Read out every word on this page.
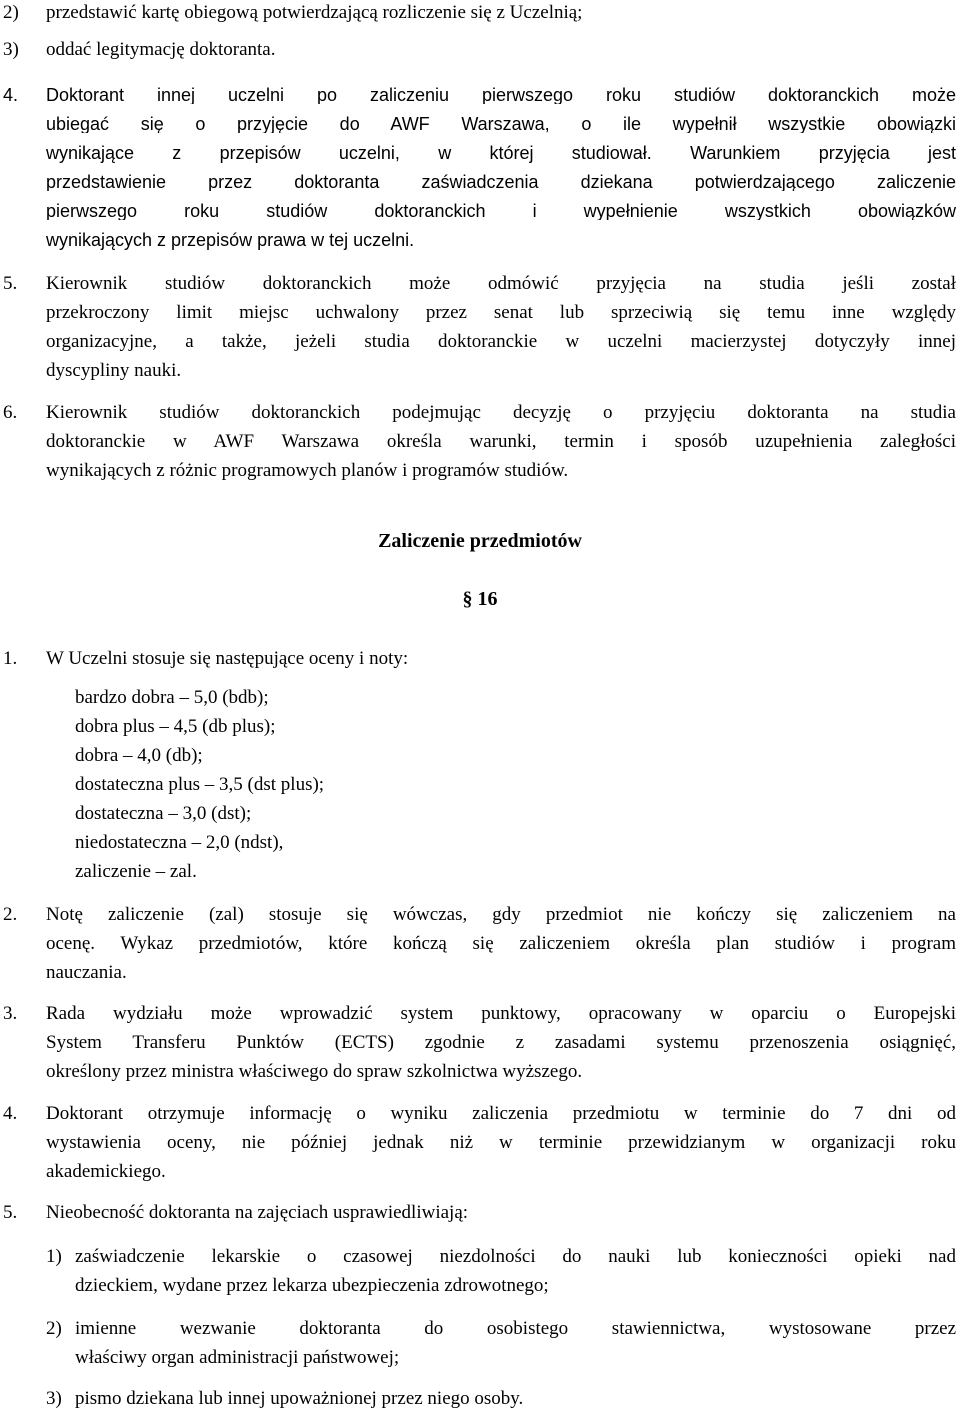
2) przedstawić kartę obiegową potwierdzającą rozliczenie się z Uczelnią;
3) oddać legitymację doktoranta.
4. Doktorant innej uczelni po zaliczeniu pierwszego roku studiów doktoranckich może
ubiegać się o przyjęcie do AWF Warszawa, o ile wypełnił wszystkie obowiązki
wynikające z przepisów uczelni, w której studiował. Warunkiem przyjęcia jest
przedstawienie przez doktoranta zaświadczenia dziekana potwierdzającego zaliczenie
pierwszego roku studiów doktoranckich i wypełnienie wszystkich obowiązków
wynikających z przepisów prawa w tej uczelni.
5. Kierownik studiów doktoranckich może odmówić przyjęcia na studia jeśli został
przekroczony limit miejsc uchwalony przez senat lub sprzeciwią się temu inne względy
organizacyjne, a także, jeżeli studia doktoranckie w uczelni macierzystej dotyczyły innej
dyscypliny nauki.
6. Kierownik studiów doktoranckich podejmując decyzję o przyjęciu doktoranta na studia
doktoranckie w AWF Warszawa określa warunki, termin i sposób uzupełnienia zaległości
wynikających z różnic programowych planów i programów studiów.
Zaliczenie przedmiotów
§ 16
1. W Uczelni stosuje się następujące oceny i noty:
bardzo dobra – 5,0 (bdb);
dobra plus – 4,5 (db plus);
dobra – 4,0 (db);
dostateczna plus – 3,5 (dst plus);
dostateczna – 3,0 (dst);
niedostateczna – 2,0 (ndst),
zaliczenie – zal.
2. Notę zaliczenie (zal) stosuje się wówczas, gdy przedmiot nie kończy się zaliczeniem na
ocenę. Wykaz przedmiotów, które kończą się zaliczeniem określa plan studiów i program
nauczania.
3. Rada wydziału może wprowadzić system punktowy, opracowany w oparciu o Europejski
System Transferu Punktów (ECTS) zgodnie z zasadami systemu przenoszenia osiągnięć,
określony przez ministra właściwego do spraw szkolnictwa wyższego.
4. Doktorant otrzymuje informację o wyniku zaliczenia przedmiotu w terminie do 7 dni od
wystawienia oceny, nie później jednak niż w terminie przewidzianym w organizacji roku
akademickiego.
5. Nieobecność doktoranta na zajęciach usprawiedliwiają:
1) zaświadczenie lekarskie o czasowej niezdolności do nauki lub konieczności opieki nad
dzieckiem, wydane przez lekarza ubezpieczenia zdrowotnego;
2) imienne wezwanie doktoranta do osobistego stawiennictwa, wystosowane przez
właściwy organ administracji państwowej;
3) pismo dziekana lub innej upoważnionej przez niego osoby.
